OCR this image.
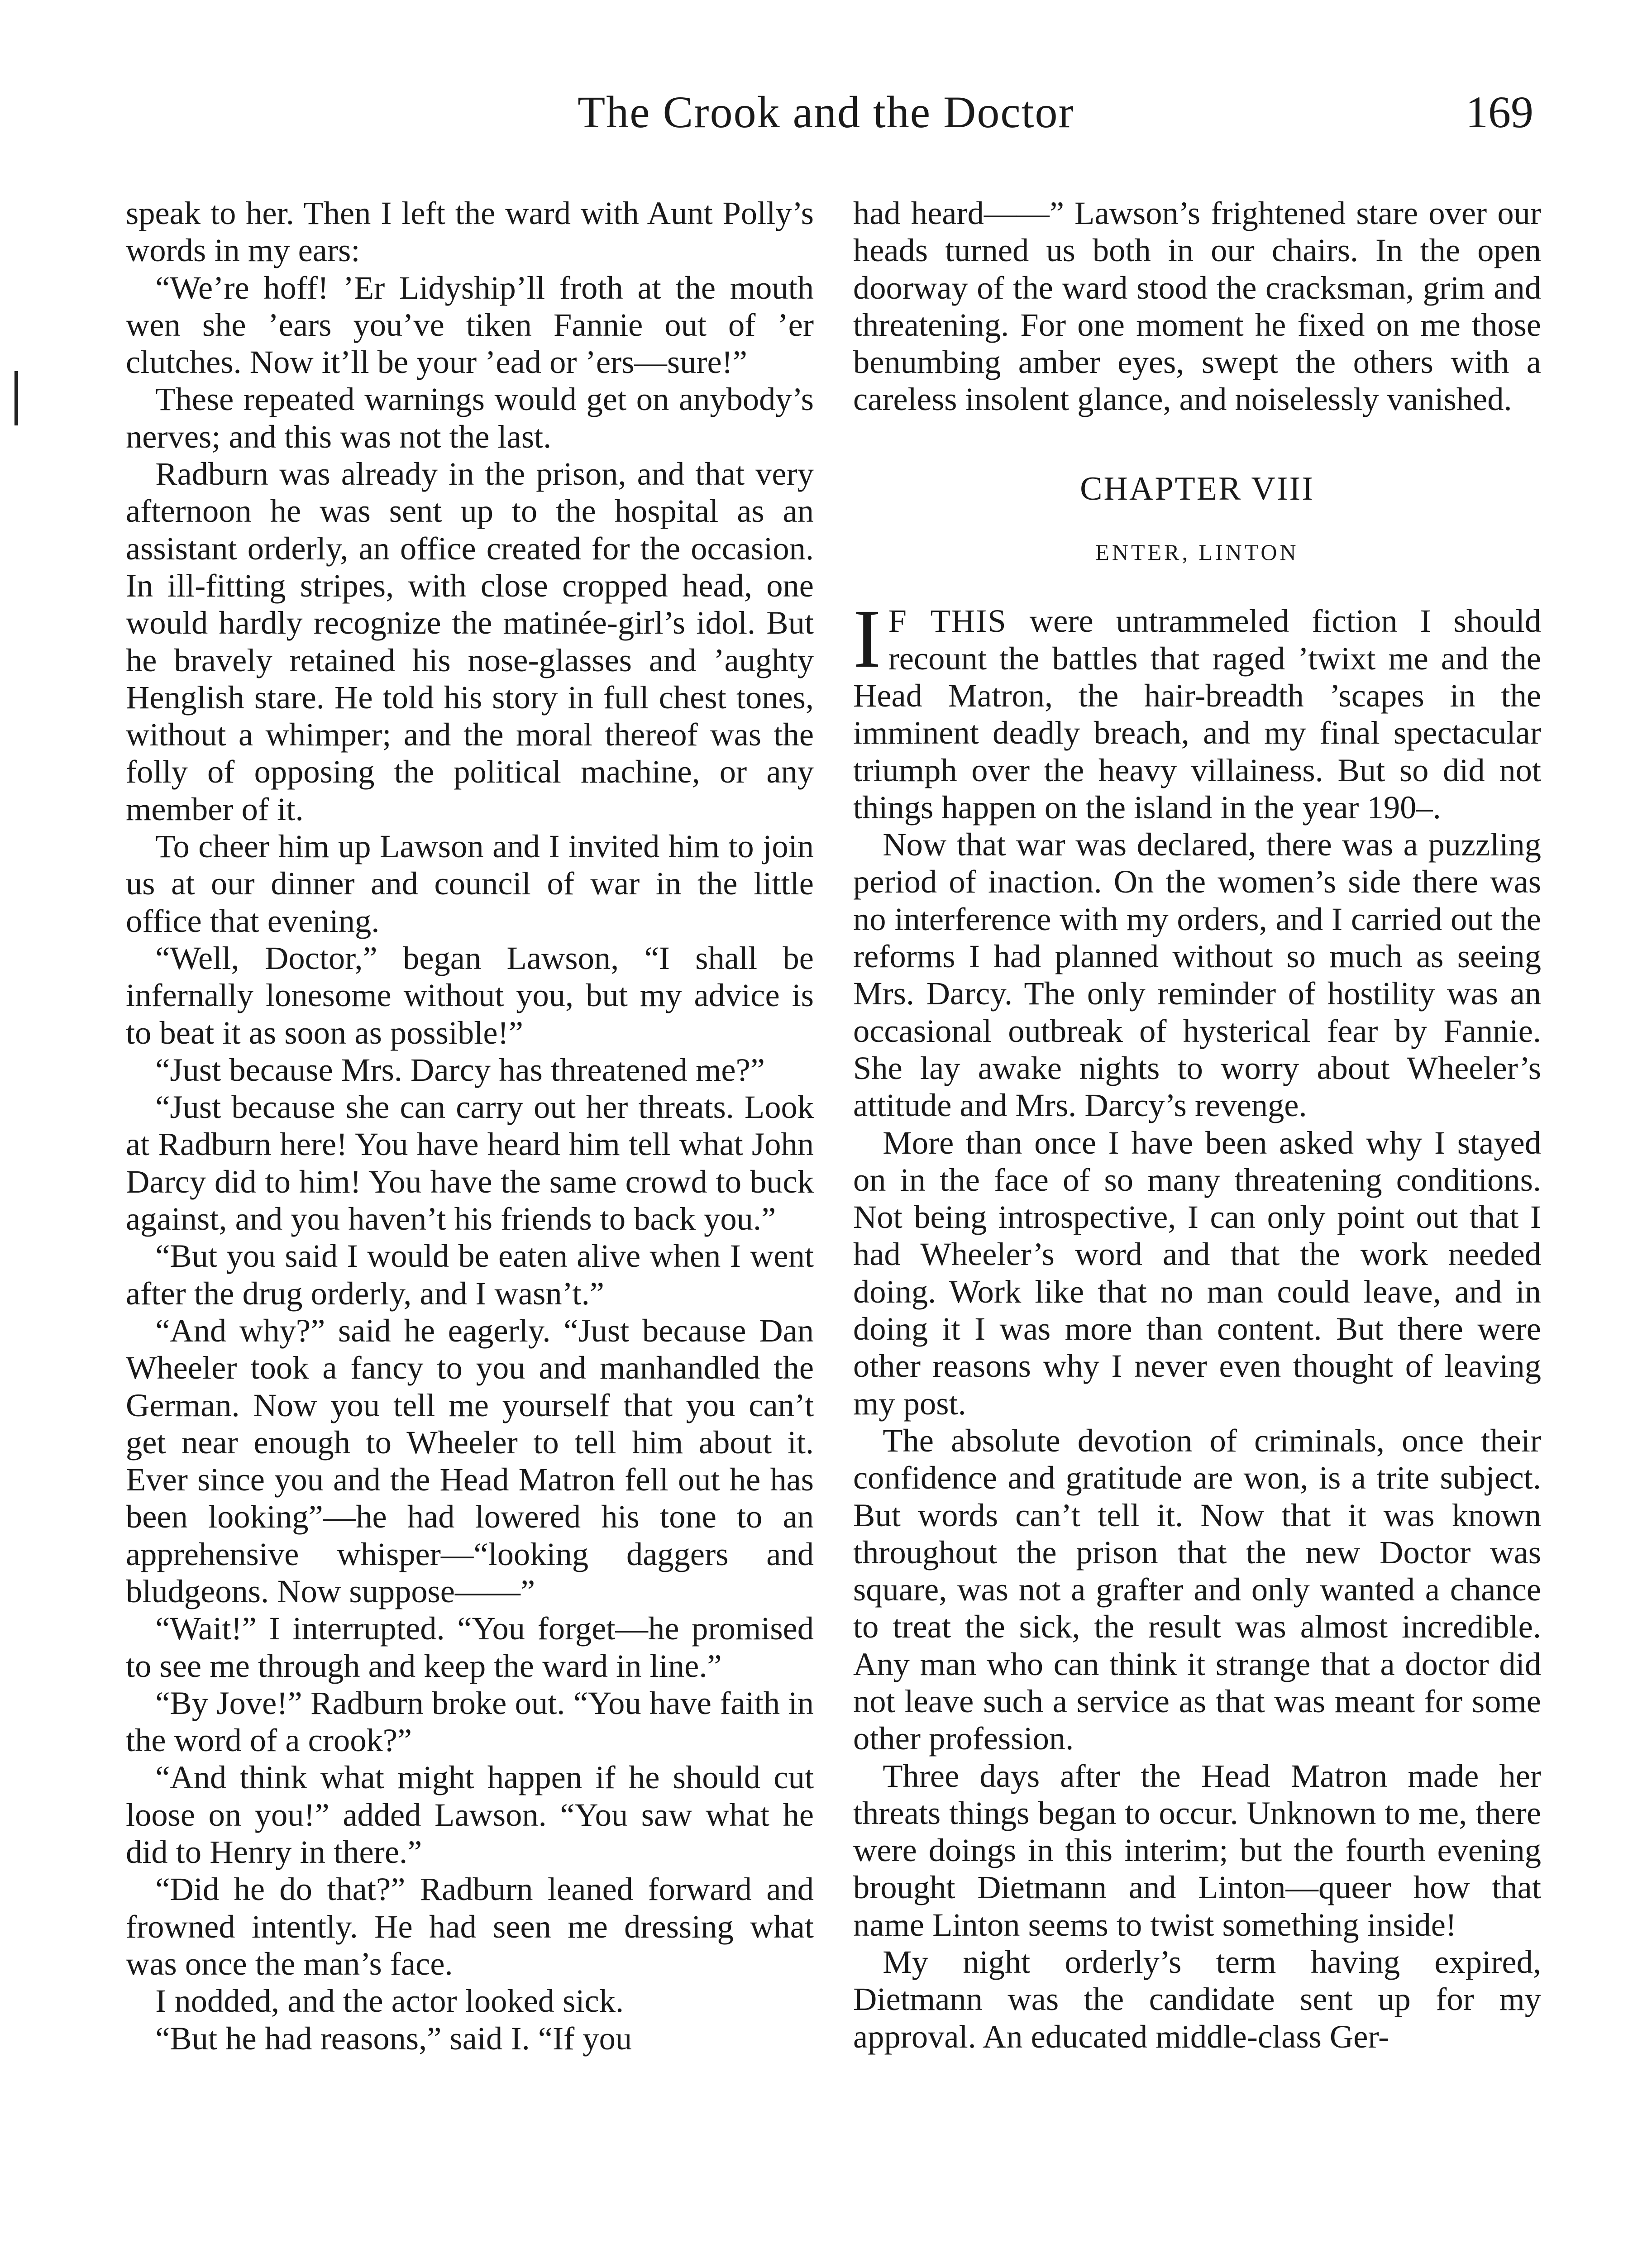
The Crook and the Doctor	169

speak to her. Then I left the ward with Aunt Polly’s words in my ears:

“We’re hoff! ’Er Lidyship’ll froth at the mouth wen she ’ears you’ve tiken Fannie out of ’er clutches. Now it’ll be your ’ead or ’ers—sure!”

These repeated warnings would get on anybody’s nerves; and this was not the last.

Radburn was already in the prison, and that very afternoon he was sent up to the hospital as an assistant orderly, an office created for the occasion. In ill-fitting stripes, with close cropped head, one would hardly recognize the matinée-girl’s idol. But he bravely retained his nose-glasses and ’aughty Henglish stare. He told his story in full chest tones, without a whimper; and the moral thereof was the folly of opposing the political machine, or any member of it.

To cheer him up Lawson and I invited him to join us at our dinner and council of war in the little office that evening.

“Well, Doctor,” began Lawson, “I shall be infernally lonesome without you, but my advice is to beat it as soon as possible!”

“Just because Mrs. Darcy has threatened me?”

“Just because she can carry out her threats. Look at Radburn here! You have heard him tell what John Darcy did to him! You have the same crowd to buck against, and you haven’t his friends to back you.”

“But you said I would be eaten alive when I went after the drug orderly, and I wasn’t.”

“And why?” said he eagerly. “Just because Dan Wheeler took a fancy to you and manhandled the German. Now you tell me yourself that you can’t get near enough to Wheeler to tell him about it. Ever since you and the Head Matron fell out he has been looking”—he had lowered his tone to an apprehensive whisper—“looking daggers and bludgeons. Now suppose——”

“Wait!” I interrupted. “You forget—he promised to see me through and keep the ward in line.”

“By Jove!” Radburn broke out. “You have faith in the word of a crook?”

“And think what might happen if he should cut loose on you!” added Lawson. “You saw what he did to Henry in there.”

“Did he do that?” Radburn leaned forward and frowned intently. He had seen me dressing what was once the man’s face.

I nodded, and the actor looked sick.

“But he had reasons,” said I. “If you

had heard——” Lawson’s frightened stare over our heads turned us both in our chairs. In the open doorway of the ward stood the cracksman, grim and threatening. For one moment he fixed on me those benumbing amber eyes, swept the others with a careless insolent glance, and noiselessly vanished.

CHAPTER VIII
ENTER, LINTON

I F THIS were untrammeled fiction I should recount the battles that raged ’twixt me and the Head Matron, the hair-breadth ’scapes in the imminent deadly breach, and my final spectacular triumph over the heavy villainess. But so did not things happen on the island in the year 190–.

Now that war was declared, there was a puzzling period of inaction. On the women’s side there was no interference with my orders, and I carried out the reforms I had planned without so much as seeing Mrs. Darcy. The only reminder of hostility was an occasional outbreak of hysterical fear by Fannie. She lay awake nights to worry about Wheeler’s attitude and Mrs. Darcy’s revenge.

More than once I have been asked why I stayed on in the face of so many threatening conditions. Not being introspective, I can only point out that I had Wheeler’s word and that the work needed doing. Work like that no man could leave, and in doing it I was more than content. But there were other reasons why I never even thought of leaving my post.

The absolute devotion of criminals, once their confidence and gratitude are won, is a trite subject. But words can’t tell it. Now that it was known throughout the prison that the new Doctor was square, was not a grafter and only wanted a chance to treat the sick, the result was almost incredible. Any man who can think it strange that a doctor did not leave such a service as that was meant for some other profession.

Three days after the Head Matron made her threats things began to occur. Unknown to me, there were doings in this interim; but the fourth evening brought Dietmann and Linton—queer how that name Linton seems to twist something inside!

My night orderly’s term having expired, Dietmann was the candidate sent up for my approval. An educated middle-class Ger-
